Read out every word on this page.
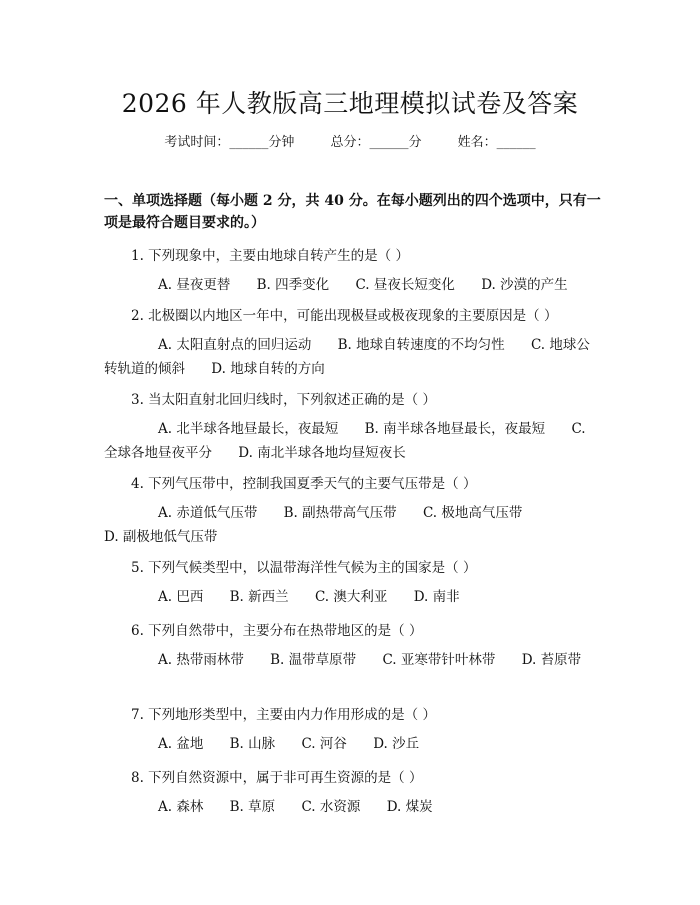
2026 年人教版高三地理模拟试卷及答案
考试时间：______分钟	总分：______分	姓名：______

一、单项选择题（每小题 2 分，共 40 分。在每小题列出的四个选项中，只有一项是最符合题目要求的。）

1. 下列现象中，主要由地球自转产生的是（ ）
A. 昼夜更替 B. 四季变化 C. 昼夜长短变化 D. 沙漠的产生
2. 北极圈以内地区一年中，可能出现极昼或极夜现象的主要原因是（ ）
A. 太阳直射点的回归运动 B. 地球自转速度的不均匀性 C. 地球公转轨道的倾斜 D. 地球自转的方向
3. 当太阳直射北回归线时，下列叙述正确的是（ ）
A. 北半球各地昼最长，夜最短 B. 南半球各地昼最长，夜最短 C. 全球各地昼夜平分 D. 南北半球各地均昼短夜长
4. 下列气压带中，控制我国夏季天气的主要气压带是（ ）
A. 赤道低气压带 B. 副热带高气压带 C. 极地高气压带 D. 副极地低气压带
5. 下列气候类型中，以温带海洋性气候为主的国家是（ ）
A. 巴西 B. 新西兰 C. 澳大利亚 D. 南非
6. 下列自然带中，主要分布在热带地区的是（ ）
A. 热带雨林带 B. 温带草原带 C. 亚寒带针叶林带 D. 苔原带
7. 下列地形类型中，主要由内力作用形成的是（ ）
A. 盆地 B. 山脉 C. 河谷 D. 沙丘
8. 下列自然资源中，属于非可再生资源的是（ ）
A. 森林 B. 草原 C. 水资源 D. 煤炭
